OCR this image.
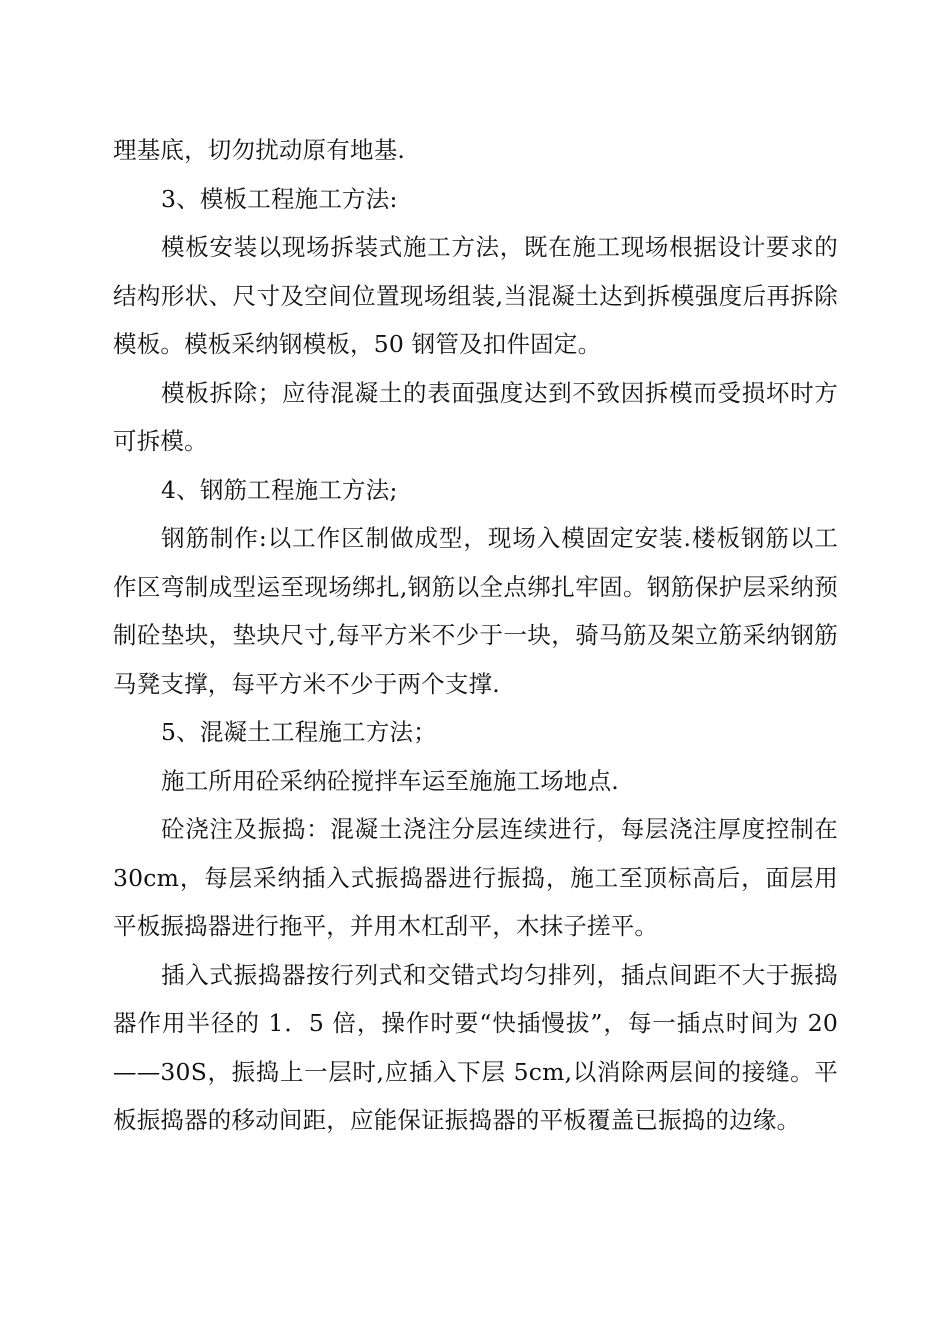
理基底，切勿扰动原有地基.

3、模板工程施工方法:

模板安装以现场拆装式施工方法，既在施工现场根据设计要求的结构形状、尺寸及空间位置现场组装,当混凝土达到拆模强度后再拆除模板。模板采纳钢模板，50 钢管及扣件固定。

模板拆除；应待混凝土的表面强度达到不致因拆模而受损坏时方可拆模。

4、钢筋工程施工方法;

钢筋制作:以工作区制做成型，现场入模固定安装.楼板钢筋以工作区弯制成型运至现场绑扎,钢筋以全点绑扎牢固。钢筋保护层采纳预制砼垫块，垫块尺寸,每平方米不少于一块，骑马筋及架立筋采纳钢筋马凳支撑，每平方米不少于两个支撑.

5、混凝土工程施工方法；

施工所用砼采纳砼搅拌车运至施施工场地点.

砼浇注及振捣：混凝土浇注分层连续进行，每层浇注厚度控制在 30cm，每层采纳插入式振捣器进行振捣，施工至顶标高后，面层用平板振捣器进行拖平，并用木杠刮平，木抹子搓平。

插入式振捣器按行列式和交错式均匀排列，插点间距不大于振捣器作用半径的 1．5 倍，操作时要“快插慢拔”，每一插点时间为 20——30S，振捣上一层时,应插入下层 5cm,以消除两层间的接缝。平板振捣器的移动间距，应能保证振捣器的平板覆盖已振捣的边缘。
